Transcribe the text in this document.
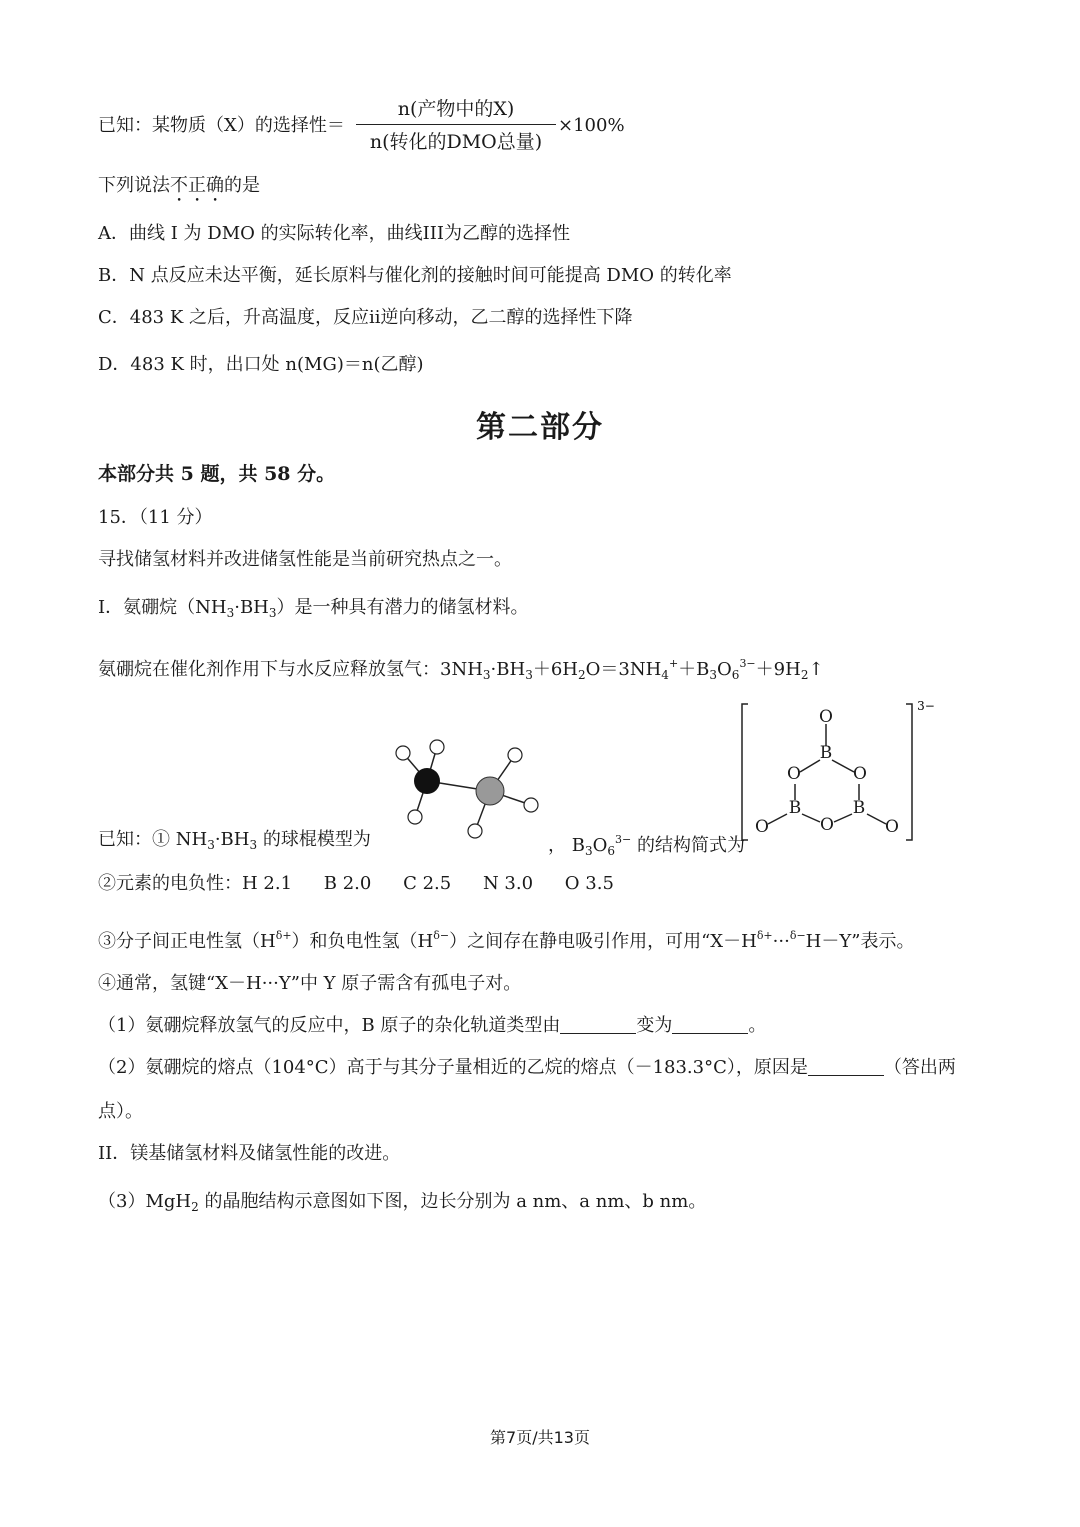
已知：某物质（X）的选择性＝
n(产物中的X)
n(转化的DMO总量)
×100%
下列说法不正确的是
A．曲线 I 为 DMO 的实际转化率，曲线III为乙醇的选择性
B．N 点反应未达平衡，延长原料与催化剂的接触时间可能提高 DMO 的转化率
C．483 K 之后，升高温度，反应ii逆向移动，乙二醇的选择性下降
D．483 K 时，出口处 n(MG)＝n(乙醇)
第二部分
本部分共 5 题，共 58 分。
15．（11 分）
寻找储氢材料并改进储氢性能是当前研究热点之一。
I．氨硼烷$(NH_3\cdot BH_3)$是一种具有潜力的储氢材料。
氨硼烷在催化剂作用下与水反应释放氢气：$3NH_3\cdot BH_3+6H_2O=3NH_4^++B_3O_6^{3-}+9H_2↑$
O
B
O	O
B	B
O
O	O
3−
已知：① $NH_3\cdot BH_3$ 的球棍模型为	， $B_3O_6^{3-}$ 的结构简式为
②元素的电负性：H 2.1 B 2.0 C 2.5 N 3.0 O 3.5
③分子间正电性氢$(H^{\delta+})$和负电性氢$(H^{\delta-})$之间存在静电吸引作用，可用“$X-H^{\delta+}\cdot\cdot\cdot^{\delta-}H-Y$”表示。
④通常，氢键“X－H···Y”中 Y 原子需含有孤电子对。
（1）氨硼烷释放氢气的反应中，B 原子的杂化轨道类型由	变为	。
（2）氨硼烷的熔点（104°C）高于与其分子量相近的乙烷的熔点（－183.3°C），原因是	（答出两
点）。
II．镁基储氢材料及储氢性能的改进。
（3）MgH$_2$ 的晶胞结构示意图如下图，边长分别为 a nm、a nm、b nm。
第7页/共13页
